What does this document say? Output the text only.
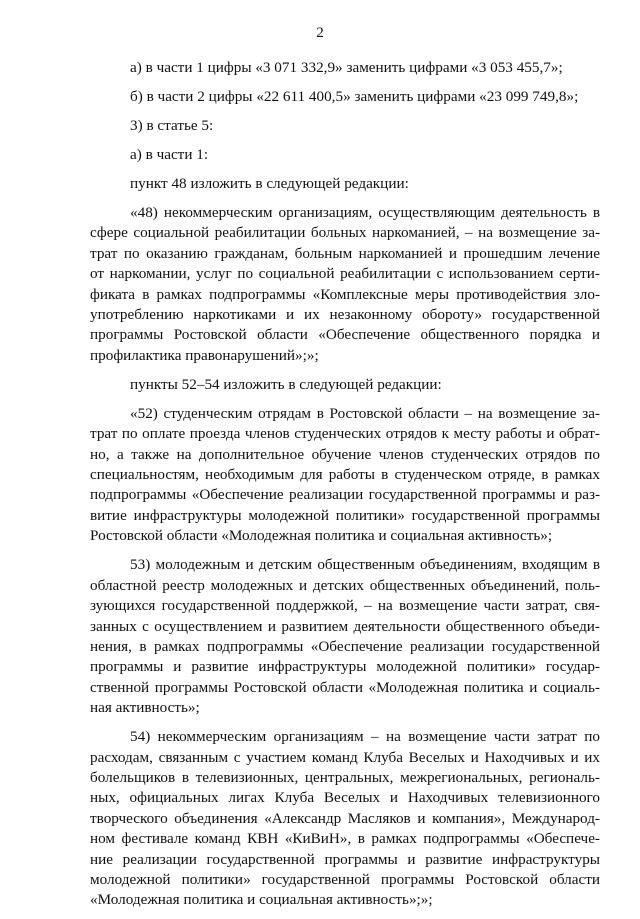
2

а) в части 1 цифры «3 071 332,9» заменить цифрами «3 053 455,7»;

б) в части 2 цифры «22 611 400,5» заменить цифрами «23 099 749,8»;

3) в статье 5:

а) в части 1:

пункт 48 изложить в следующей редакции:

«48) некоммерческим организациям, осуществляющим деятельность в
сфере социальной реабилитации больных наркоманией, – на возмещение за-
трат по оказанию гражданам, больным наркоманией и прошедшим лечение
от наркомании, услуг по социальной реабилитации с использованием серти-
фиката в рамках подпрограммы «Комплексные меры противодействия зло-
употреблению наркотиками и их незаконному обороту» государственной
программы Ростовской области «Обеспечение общественного порядка и
профилактика правонарушений»;»;

пункты 52–54 изложить в следующей редакции:

«52) студенческим отрядам в Ростовской области – на возмещение за-
трат по оплате проезда членов студенческих отрядов к месту работы и обрат-
но, а также на дополнительное обучение членов студенческих отрядов по
специальностям, необходимым для работы в студенческом отряде, в рамках
подпрограммы «Обеспечение реализации государственной программы и раз-
витие инфраструктуры молодежной политики» государственной программы
Ростовской области «Молодежная политика и социальная активность»;
53) молодежным и детским общественным объединениям, входящим в
областной реестр молодежных и детских общественных объединений, поль-
зующихся государственной поддержкой, – на возмещение части затрат, свя-
занных с осуществлением и развитием деятельности общественного объеди-
нения, в рамках подпрограммы «Обеспечение реализации государственной
программы и развитие инфраструктуры молодежной политики» государ-
ственной программы Ростовской области «Молодежная политика и социаль-
ная активность»;
54) некоммерческим организациям – на возмещение части затрат по
расходам, связанным с участием команд Клуба Веселых и Находчивых и их
болельщиков в телевизионных, центральных, межрегиональных, региональ-
ных, официальных лигах Клуба Веселых и Находчивых телевизионного
творческого объединения «Александр Масляков и компания», Международ-
ном фестивале команд КВН «КиВиН», в рамках подпрограммы «Обеспече-
ние реализации государственной программы и развитие инфраструктуры
молодежной политики» государственной программы Ростовской области
«Молодежная политика и социальная активность»;»;
